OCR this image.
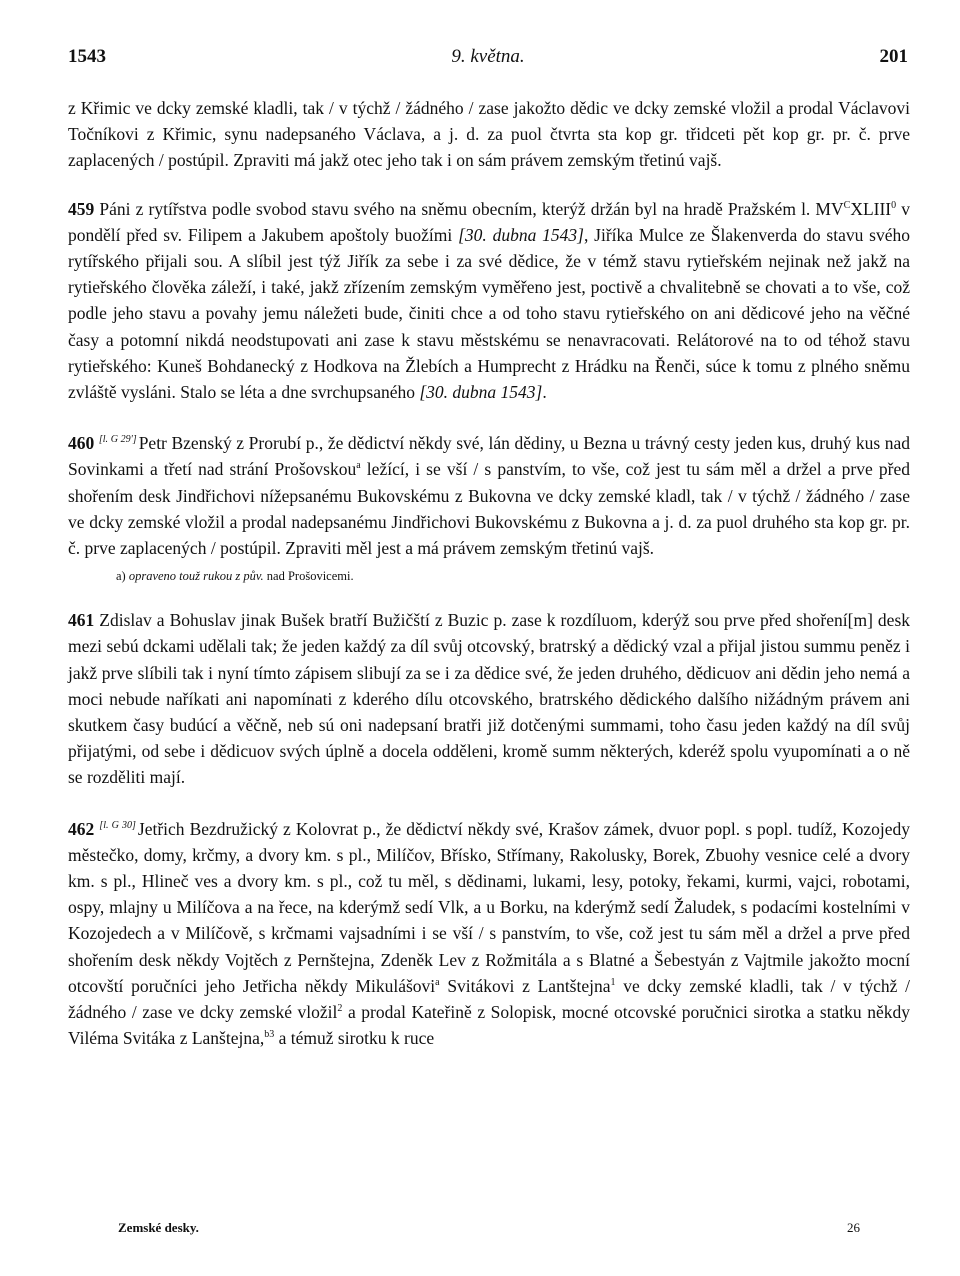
1543	9. května.	201

z Křimic ve dcky zemské kladli, tak / v týchž / žádného / zase jakožto dědic ve dcky zemské vložil a prodal Václavovi Točníkovi z Křimic, synu nadepsaného Václava, a j. d. za puol čtvrta sta kop gr. třidceti pět kop gr. pr. č. prve zaplacených / postúpil. Zpraviti má jakž otec jeho tak i on sám právem zemským třetinú vajš.

459 Páni z rytířstva podle svobod stavu svého na sněmu obecním, kterýž držán byl na hradě Pražském l. MV$^C$XLIII$^0$ v pondělí před sv. Filipem a Jakubem apoštoly buožími [30. dubna 1543], Jiříka Mulce ze Šlakenverda do stavu svého rytířského přijali sou. A slíbil jest týž Jiřík za sebe i za své dědice, že v témž stavu rytieřském nejinak než jakž na rytieřského člověka záleží, i také, jakž zřízením zemským vyměřeno jest, poctivě a chvalitebně se chovati a to vše, což podle jeho stavu a povahy jemu náležeti bude, činiti chce a od toho stavu rytieřského on ani dědicové jeho na věčné časy a potomní nikdá neodstupovati ani zase k stavu městskému se nenavracovati. Relátorové na to od téhož stavu rytieřského: Kuneš Bohdanecký z Hodkova na Žlebích a Humprecht z Hrádku na Řenči, súce k tomu z plného sněmu zvláště vysláni. Stalo se léta a dne svrchupsaného [30. dubna 1543].

460 [l. G 29'] Petr Bzenský z Prorubí p., že dědictví někdy své, lán dědiny, u Bezna u trávný cesty jeden kus, druhý kus nad Sovinkami a třetí nad strání Prošovskou$^a$ ležící, i se vší / s panstvím, to vše, což jest tu sám měl a držel a prve před shořením desk Jindřichovi nížepsanému Bukovskému z Bukovna ve dcky zemské kladl, tak / v týchž / žádného / zase ve dcky zemské vložil a prodal nadepsanému Jindřichovi Bukovskému z Bukovna a j. d. za puol druhého sta kop gr. pr. č. prve zaplacených / postúpil. Zpraviti měl jest a má právem zemským třetinú vajš.

a) opraveno touž rukou z pův. nad Prošovicemi.

461 Zdislav a Bohuslav jinak Bušek bratří Bužičští z Buzic p. zase k rozdíluom, kderýž sou prve před shoření[m] desk mezi sebú dckami udělali tak; že jeden každý za díl svůj otcovský, bratrský a dědický vzal a přijal jistou summu peněz i jakž prve slíbili tak i nyní tímto zápisem slibují za se i za dědice své, že jeden druhého, dědicuov ani dědin jeho nemá a moci nebude naříkati ani napomínati z kderého dílu otcovského, bratrského dědického dalšího nižádným právem ani skutkem časy budúcí a věčně, neb sú oni nadepsaní bratři již dotčenými summami, toho času jeden každý na díl svůj přijatými, od sebe i dědicuov svých úplně a docela odděleni, kromě summ některých, kderéž spolu vyupomínati a o ně se rozděliti mají.

462 [l. G 30] Jetřich Bezdružický z Kolovrat p., že dědictví někdy své, Krašov zámek, dvuor popl. s popl. tudíž, Kozojedy městečko, domy, krčmy, a dvory km. s pl., Milíčov, Břísko, Střímany, Rakolusky, Borek, Zbuohy vesnice celé a dvory km. s pl., Hlineč ves a dvory km. s pl., což tu měl, s dědinami, lukami, lesy, potoky, řekami, kurmi, vajci, robotami, ospy, mlajny u Milíčova a na řece, na kderýmž sedí Vlk, a u Borku, na kderýmž sedí Žaludek, s podacími kostelními v Kozojedech a v Milíčově, s krčmami vajsadními i se vší / s panstvím, to vše, což jest tu sám měl a držel a prve před shořením desk někdy Vojtěch z Pernštejna, Zdeněk Lev z Rožmitála a s Blatné a Šebestyán z Vajtmile jakožto mocní otcovští poručníci jeho Jetřicha někdy Mikulášovi$^a$ Svitákovi z Lantštejna$^1$ ve dcky zemské kladli, tak / v týchž / žádného / zase ve dcky zemské vložil$^2$ a prodal Kateřině z Solopisk, mocné otcovské poručnici sirotka a statku někdy Viléma Svitáka z Lanštejna,$^{b3}$ a témuž sirotku k ruce

Zemské desky.	26
